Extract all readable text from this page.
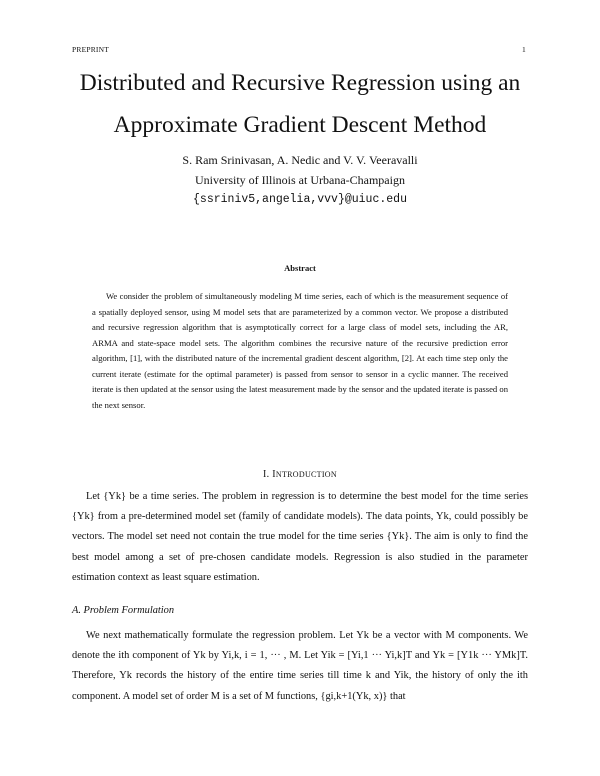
PREPRINT	1
Distributed and Recursive Regression using an
Approximate Gradient Descent Method
S. Ram Srinivasan, A. Nedic and V. V. Veeravalli
University of Illinois at Urbana-Champaign
{ssriniv5,angelia,vvv}@uiuc.edu
Abstract

We consider the problem of simultaneously modeling M time series, each of which is the measurement sequence of a spatially deployed sensor, using M model sets that are parameterized by a common vector. We propose a distributed and recursive regression algorithm that is asymptotically correct for a large class of model sets, including the AR, ARMA and state-space model sets. The algorithm combines the recursive nature of the recursive prediction error algorithm, [1], with the distributed nature of the incremental gradient descent algorithm, [2]. At each time step only the current iterate (estimate for the optimal parameter) is passed from sensor to sensor in a cyclic manner. The received iterate is then updated at the sensor using the latest measurement made by the sensor and the updated iterate is passed on the next sensor.

I. INTRODUCTION

Let {Yk} be a time series. The problem in regression is to determine the best model for the time series {Yk} from a pre-determined model set (family of candidate models). The data points, Yk, could possibly be vectors. The model set need not contain the true model for the time series {Yk}. The aim is only to find the best model among a set of pre-chosen candidate models. Regression is also studied in the parameter estimation context as least square estimation.

A. Problem Formulation

We next mathematically formulate the regression problem. Let Yk be a vector with M components. We denote the ith component of Yk by Yi,k, i = 1, ··· , M. Let Yik = [Yi,1 ··· Yi,k]T and Yk = [Y1k ··· YMk]T. Therefore, Yk records the history of the entire time series till time k and Yik, the history of only the ith component. A model set of order M is a set of M functions, {gi,k+1(Yk, x)} that
